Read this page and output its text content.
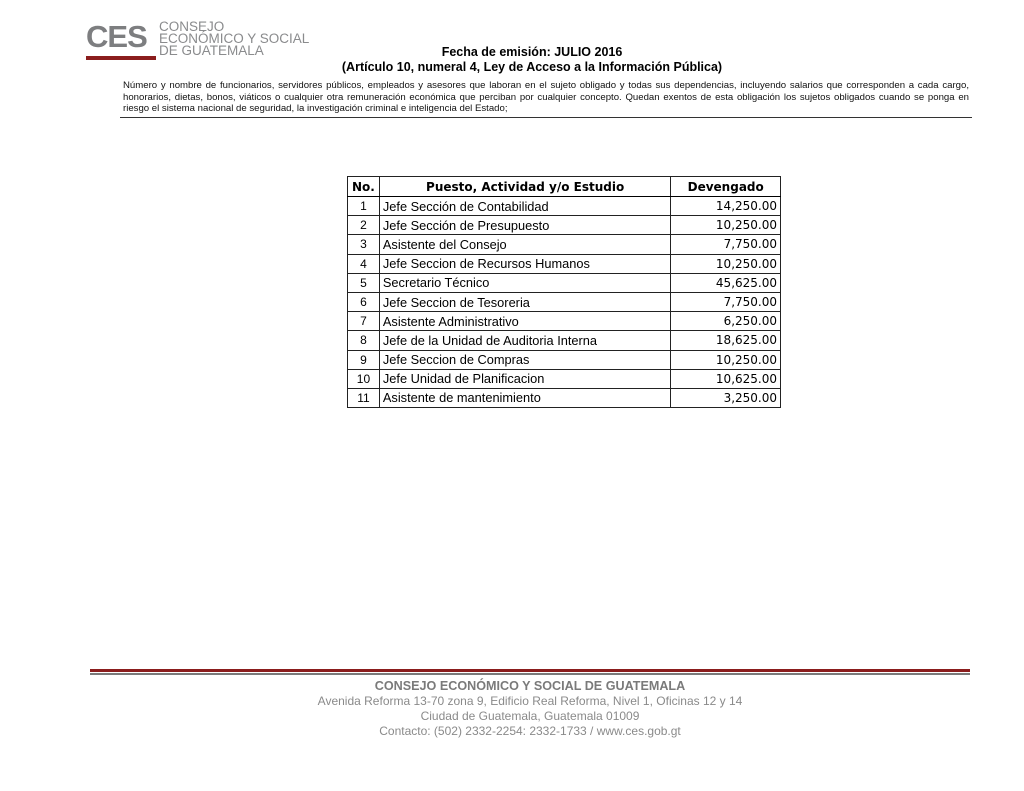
CES CONSEJO
ECONÓMICO Y SOCIAL
DE GUATEMALA	Fecha de emisión: JULIO 2016
(Artículo 10, numeral 4, Ley de Acceso a la Información Pública)
Número y nombre de funcionarios, servidores públicos, empleados y asesores que laboran en el sujeto obligado y todas sus dependencias, incluyendo salarios que corresponden a cada cargo, honorarios, dietas, bonos, viáticos o cualquier otra remuneración económica que perciban por cualquier concepto. Quedan exentos de esta obligación los sujetos obligados cuando se ponga en riesgo el sistema nacional de seguridad, la investigación criminal e inteligencia del Estado;
No.	Puesto, Actividad y/o Estudio	Devengado
1	Jefe Sección de Contabilidad	14,250.00
2	Jefe Sección de Presupuesto	10,250.00
3	Asistente del Consejo	7,750.00
4	Jefe Seccion de Recursos Humanos	10,250.00
5	Secretario Técnico	45,625.00
6	Jefe Seccion de Tesoreria	7,750.00
7	Asistente Administrativo	6,250.00
8	Jefe de la Unidad de Auditoria Interna	18,625.00
9	Jefe Seccion de Compras	10,250.00
10	Jefe Unidad de Planificacion	10,625.00
11	Asistente de mantenimiento	3,250.00
CONSEJO ECONÓMICO Y SOCIAL DE GUATEMALA
Avenida Reforma 13-70 zona 9, Edificio Real Reforma, Nivel 1, Oficinas 12 y 14
Ciudad de Guatemala, Guatemala 01009
Contacto: (502) 2332-2254: 2332-1733 / www.ces.gob.gt
